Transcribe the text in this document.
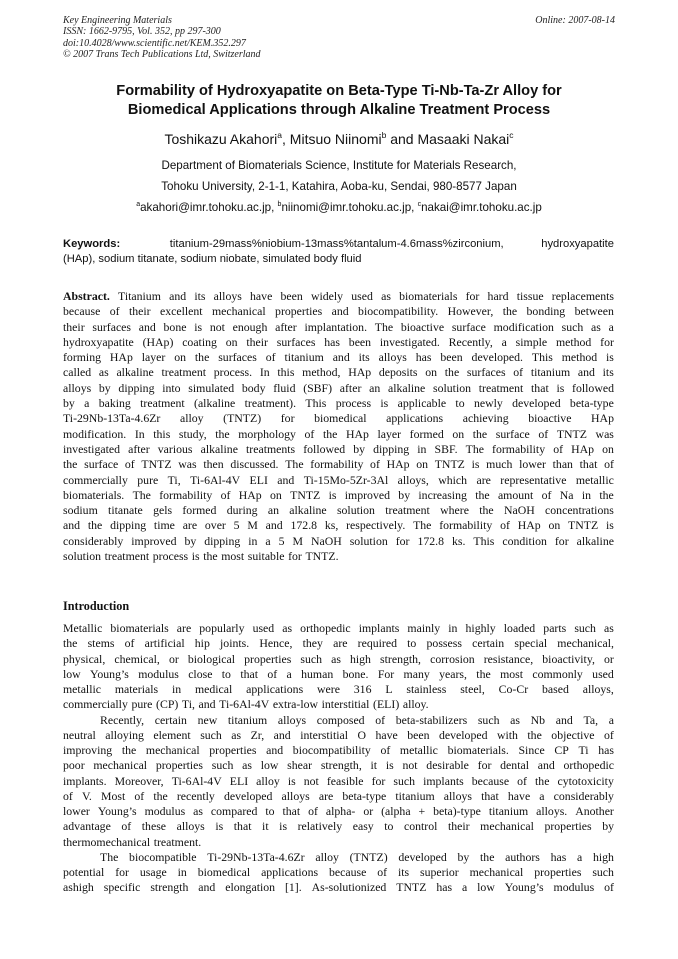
Key Engineering Materials
ISSN: 1662-9795, Vol. 352, pp 297-300
doi:10.4028/www.scientific.net/KEM.352.297
© 2007 Trans Tech Publications Ltd, Switzerland
Online: 2007-08-14
Formability of Hydroxyapatite on Beta-Type Ti-Nb-Ta-Zr Alloy for
Biomedical Applications through Alkaline Treatment Process
Toshikazu Akahori$^a$, Mitsuo Niinomi$^b$ and Masaaki Nakai$^c$
Department of Biomaterials Science, Institute for Materials Research,
Tohoku University, 2-1-1, Katahira, Aoba-ku, Sendai, 980-8577 Japan
$^a$akahori@imr.tohoku.ac.jp, $^b$niinomi@imr.tohoku.ac.jp, $^c$nakai@imr.tohoku.ac.jp
Keywords:	titanium-29mass%niobium-13mass%tantalum-4.6mass%zirconium,	hydroxyapatite
(HAp), sodium titanate, sodium niobate, simulated body fluid
Abstract. Titanium and its alloys have been widely used as biomaterials for hard tissue replacements
because of their excellent mechanical properties and biocompatibility. However, the bonding between
their surfaces and bone is not enough after implantation. The bioactive surface modification such as a
hydroxyapatite (HAp) coating on their surfaces has been investigated. Recently, a simple method for
forming HAp layer on the surfaces of titanium and its alloys has been developed. This method is
called as alkaline treatment process. In this method, HAp deposits on the surfaces of titanium and its
alloys by dipping into simulated body fluid (SBF) after an alkaline solution treatment that is followed
by a baking treatment (alkaline treatment). This process is applicable to newly developed beta-type
Ti-29Nb-13Ta-4.6Zr alloy (TNTZ) for biomedical applications achieving bioactive HAp
modification. In this study, the morphology of the HAp layer formed on the surface of TNTZ was
investigated after various alkaline treatments followed by dipping in SBF. The formability of HAp on
the surface of TNTZ was then discussed. The formability of HAp on TNTZ is much lower than that of
commercially pure Ti, Ti-6Al-4V ELI and Ti-15Mo-5Zr-3Al alloys, which are representative metallic
biomaterials. The formability of HAp on TNTZ is improved by increasing the amount of Na in the
sodium titanate gels formed during an alkaline solution treatment where the NaOH concentrations
and the dipping time are over 5 M and 172.8 ks, respectively. The formability of HAp on TNTZ is
considerably improved by dipping in a 5 M NaOH solution for 172.8 ks. This condition for alkaline
solution treatment process is the most suitable for TNTZ.
Introduction
Metallic biomaterials are popularly used as orthopedic implants mainly in highly loaded parts such as
the stems of artificial hip joints. Hence, they are required to possess certain special mechanical,
physical, chemical, or biological properties such as high strength, corrosion resistance, bioactivity, or
low Young’s modulus close to that of a human bone. For many years, the most commonly used
metallic materials in medical applications were 316 L stainless steel, Co-Cr based alloys,
commercially pure (CP) Ti, and Ti-6Al-4V extra-low interstitial (ELI) alloy.
Recently, certain new titanium alloys composed of beta-stabilizers such as Nb and Ta, a
neutral alloying element such as Zr, and interstitial O have been developed with the objective of
improving the mechanical properties and biocompatibility of metallic biomaterials. Since CP Ti has
poor mechanical properties such as low shear strength, it is not desirable for dental and orthopedic
implants. Moreover, Ti-6Al-4V ELI alloy is not feasible for such implants because of the cytotoxicity
of V. Most of the recently developed alloys are beta-type titanium alloys that have a considerably
lower Young’s modulus as compared to that of alpha- or (alpha + beta)-type titanium alloys. Another
advantage of these alloys is that it is relatively easy to control their mechanical properties by
thermomechanical treatment.
The biocompatible Ti-29Nb-13Ta-4.6Zr alloy (TNTZ) developed by the authors has a high
potential for usage in biomedical applications because of its superior mechanical properties such
ashigh specific strength and elongation [1]. As-solutionized TNTZ has a low Young’s modulus of
